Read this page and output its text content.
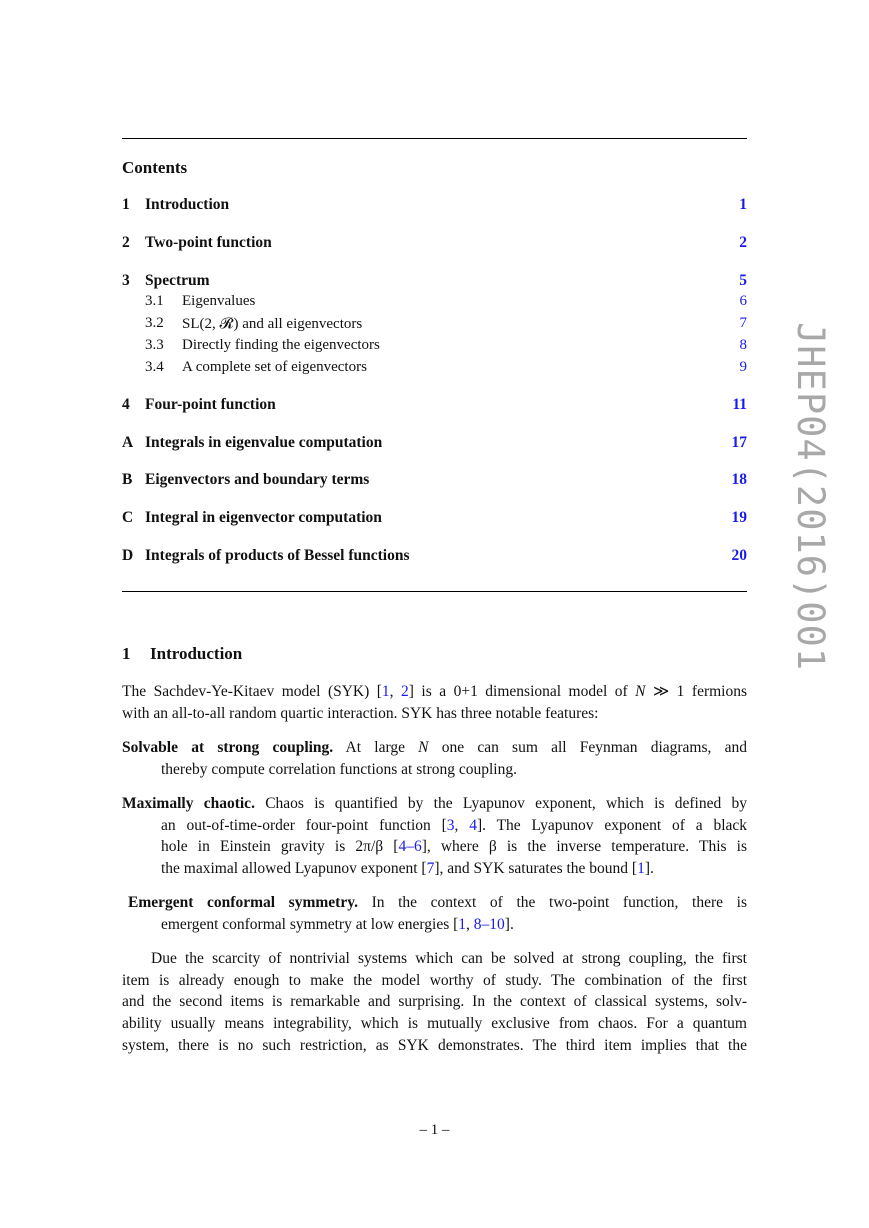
Contents
1 Introduction	1
2 Two-point function	2
3 Spectrum	5
3.1 Eigenvalues	6
3.2 SL(2, 𝓡) and all eigenvectors	7
3.3 Directly finding the eigenvectors	8
3.4 A complete set of eigenvectors	9
4 Four-point function	11
A Integrals in eigenvalue computation	17
B Eigenvectors and boundary terms	18
C Integral in eigenvector computation	19
D Integrals of products of Bessel functions	20
1 Introduction
The Sachdev-Ye-Kitaev model (SYK) [1, 2] is a 0+1 dimensional model of N ≫ 1 fermions
with an all-to-all random quartic interaction. SYK has three notable features:
Solvable at strong coupling. At large N one can sum all Feynman diagrams, and
thereby compute correlation functions at strong coupling.
Maximally chaotic. Chaos is quantified by the Lyapunov exponent, which is defined by
an out-of-time-order four-point function [3, 4]. The Lyapunov exponent of a black
hole in Einstein gravity is 2π/β [4–6], where β is the inverse temperature. This is
the maximal allowed Lyapunov exponent [7], and SYK saturates the bound [1].
Emergent conformal symmetry. In the context of the two-point function, there is
emergent conformal symmetry at low energies [1, 8–10].
Due the scarcity of nontrivial systems which can be solved at strong coupling, the first
item is already enough to make the model worthy of study. The combination of the first
and the second items is remarkable and surprising. In the context of classical systems, solv-
ability usually means integrability, which is mutually exclusive from chaos. For a quantum
system, there is no such restriction, as SYK demonstrates. The third item implies that the
JHEP04(2016)001
– 1 –
